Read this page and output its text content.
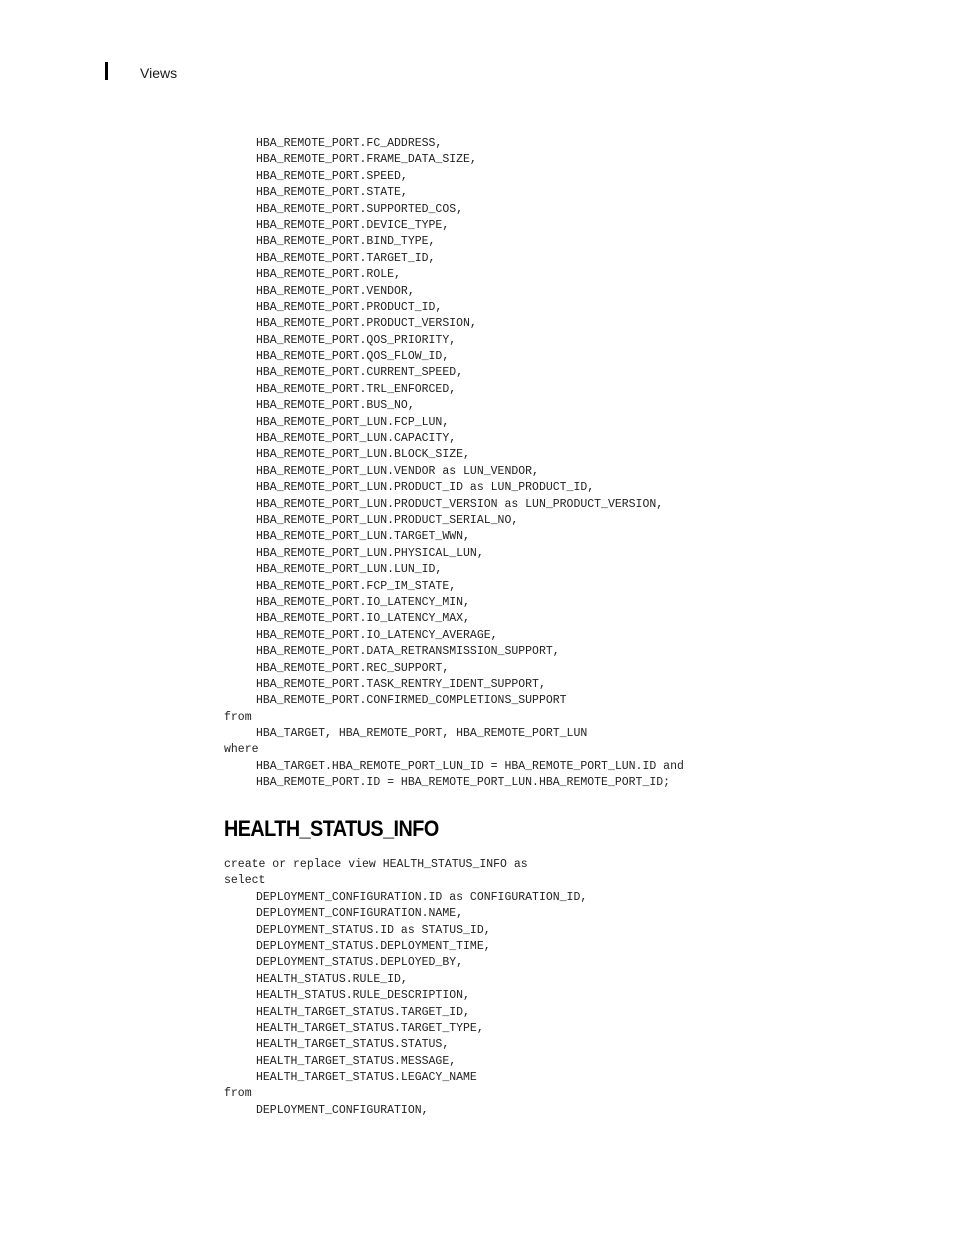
Views
HBA_REMOTE_PORT.FC_ADDRESS,
HBA_REMOTE_PORT.FRAME_DATA_SIZE,
HBA_REMOTE_PORT.SPEED,
HBA_REMOTE_PORT.STATE,
HBA_REMOTE_PORT.SUPPORTED_COS,
HBA_REMOTE_PORT.DEVICE_TYPE,
HBA_REMOTE_PORT.BIND_TYPE,
HBA_REMOTE_PORT.TARGET_ID,
HBA_REMOTE_PORT.ROLE,
HBA_REMOTE_PORT.VENDOR,
HBA_REMOTE_PORT.PRODUCT_ID,
HBA_REMOTE_PORT.PRODUCT_VERSION,
HBA_REMOTE_PORT.QOS_PRIORITY,
HBA_REMOTE_PORT.QOS_FLOW_ID,
HBA_REMOTE_PORT.CURRENT_SPEED,
HBA_REMOTE_PORT.TRL_ENFORCED,
HBA_REMOTE_PORT.BUS_NO,
HBA_REMOTE_PORT_LUN.FCP_LUN,
HBA_REMOTE_PORT_LUN.CAPACITY,
HBA_REMOTE_PORT_LUN.BLOCK_SIZE,
HBA_REMOTE_PORT_LUN.VENDOR as LUN_VENDOR,
HBA_REMOTE_PORT_LUN.PRODUCT_ID as LUN_PRODUCT_ID,
HBA_REMOTE_PORT_LUN.PRODUCT_VERSION as LUN_PRODUCT_VERSION,
HBA_REMOTE_PORT_LUN.PRODUCT_SERIAL_NO,
HBA_REMOTE_PORT_LUN.TARGET_WWN,
HBA_REMOTE_PORT_LUN.PHYSICAL_LUN,
HBA_REMOTE_PORT_LUN.LUN_ID,
HBA_REMOTE_PORT.FCP_IM_STATE,
HBA_REMOTE_PORT.IO_LATENCY_MIN,
HBA_REMOTE_PORT.IO_LATENCY_MAX,
HBA_REMOTE_PORT.IO_LATENCY_AVERAGE,
HBA_REMOTE_PORT.DATA_RETRANSMISSION_SUPPORT,
HBA_REMOTE_PORT.REC_SUPPORT,
HBA_REMOTE_PORT.TASK_RENTRY_IDENT_SUPPORT,
HBA_REMOTE_PORT.CONFIRMED_COMPLETIONS_SUPPORT
from
HBA_TARGET, HBA_REMOTE_PORT, HBA_REMOTE_PORT_LUN
where
HBA_TARGET.HBA_REMOTE_PORT_LUN_ID = HBA_REMOTE_PORT_LUN.ID and
HBA_REMOTE_PORT.ID = HBA_REMOTE_PORT_LUN.HBA_REMOTE_PORT_ID;
HEALTH_STATUS_INFO
create or replace view HEALTH_STATUS_INFO as
select
DEPLOYMENT_CONFIGURATION.ID as CONFIGURATION_ID,
DEPLOYMENT_CONFIGURATION.NAME,
DEPLOYMENT_STATUS.ID as STATUS_ID,
DEPLOYMENT_STATUS.DEPLOYMENT_TIME,
DEPLOYMENT_STATUS.DEPLOYED_BY,
HEALTH_STATUS.RULE_ID,
HEALTH_STATUS.RULE_DESCRIPTION,
HEALTH_TARGET_STATUS.TARGET_ID,
HEALTH_TARGET_STATUS.TARGET_TYPE,
HEALTH_TARGET_STATUS.STATUS,
HEALTH_TARGET_STATUS.MESSAGE,
HEALTH_TARGET_STATUS.LEGACY_NAME
from
DEPLOYMENT_CONFIGURATION,
